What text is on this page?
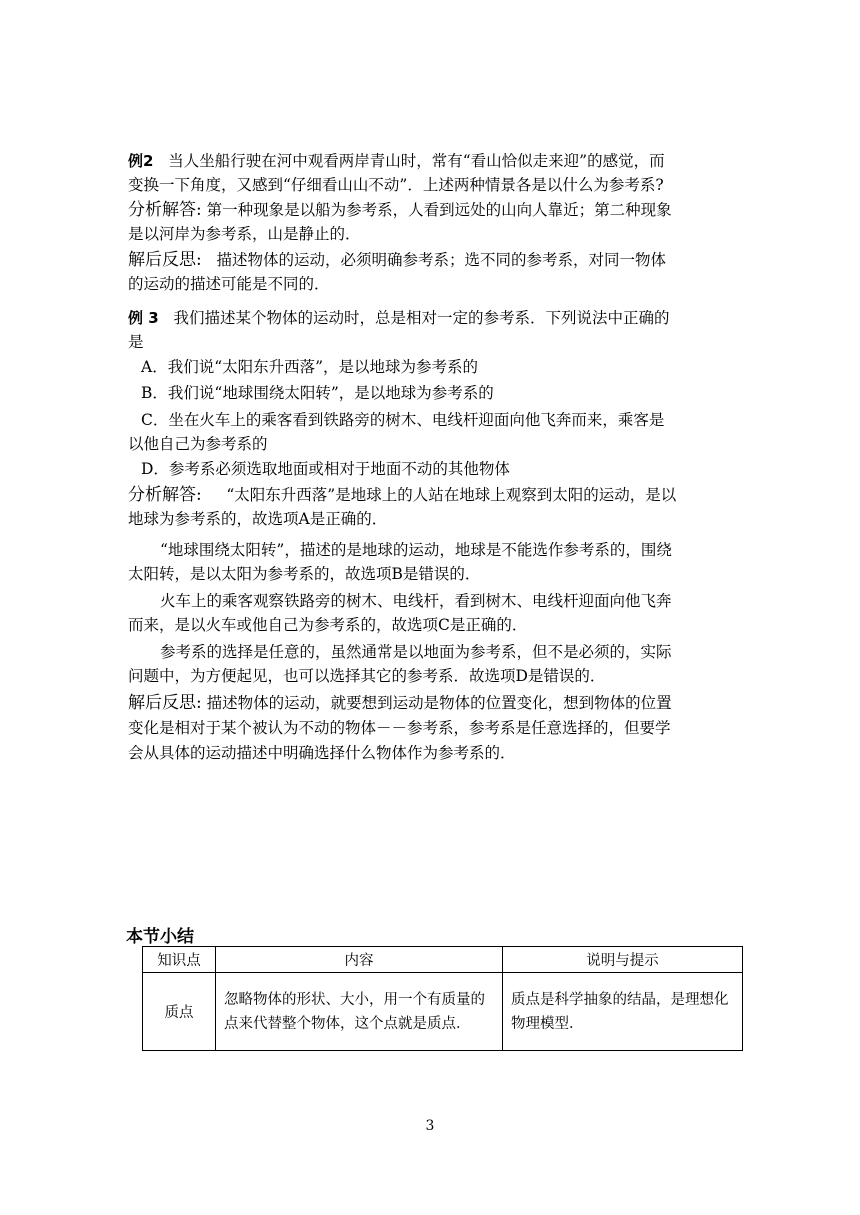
例2 当人坐船行驶在河中观看两岸青山时，常有“看山恰似走来迎”的感觉，而
变换一下角度，又感到“仔细看山山不动”．上述两种情景各是以什么为参考系?
分析解答: 第一种现象是以船为参考系，人看到远处的山向人靠近；第二种现象
是以河岸为参考系，山是静止的．
解后反思: 描述物体的运动，必须明确参考系；选不同的参考系，对同一物体
的运动的描述可能是不同的．
例 3 我们描述某个物体的运动时，总是相对一定的参考系．下列说法中正确的
是
A．我们说“太阳东升西落”，是以地球为参考系的
B．我们说“地球围绕太阳转”，是以地球为参考系的
C．坐在火车上的乘客看到铁路旁的树木、电线杆迎面向他飞奔而来，乘客是
以他自己为参考系的
D．参考系必须选取地面或相对于地面不动的其他物体
分析解答: “太阳东升西落”是地球上的人站在地球上观察到太阳的运动，是以
地球为参考系的，故选项A是正确的．
“地球围绕太阳转”，描述的是地球的运动，地球是不能选作参考系的，围绕
太阳转，是以太阳为参考系的，故选项B是错误的．
火车上的乘客观察铁路旁的树木、电线杆，看到树木、电线杆迎面向他飞奔
而来，是以火车或他自己为参考系的，故选项C是正确的．
参考系的选择是任意的，虽然通常是以地面为参考系，但不是必须的，实际
问题中，为方便起见，也可以选择其它的参考系．故选项D是错误的．
解后反思: 描述物体的运动，就要想到运动是物体的位置变化，想到物体的位置
变化是相对于某个被认为不动的物体－－参考系，参考系是任意选择的，但要学
会从具体的运动描述中明确选择什么物体作为参考系的．
本节小结
知识点	内容	说明与提示
质点	忽略物体的形状、大小，用一个有质量的点来代替整个物体，这个点就是质点．	质点是科学抽象的结晶，是理想化物理模型．
3
